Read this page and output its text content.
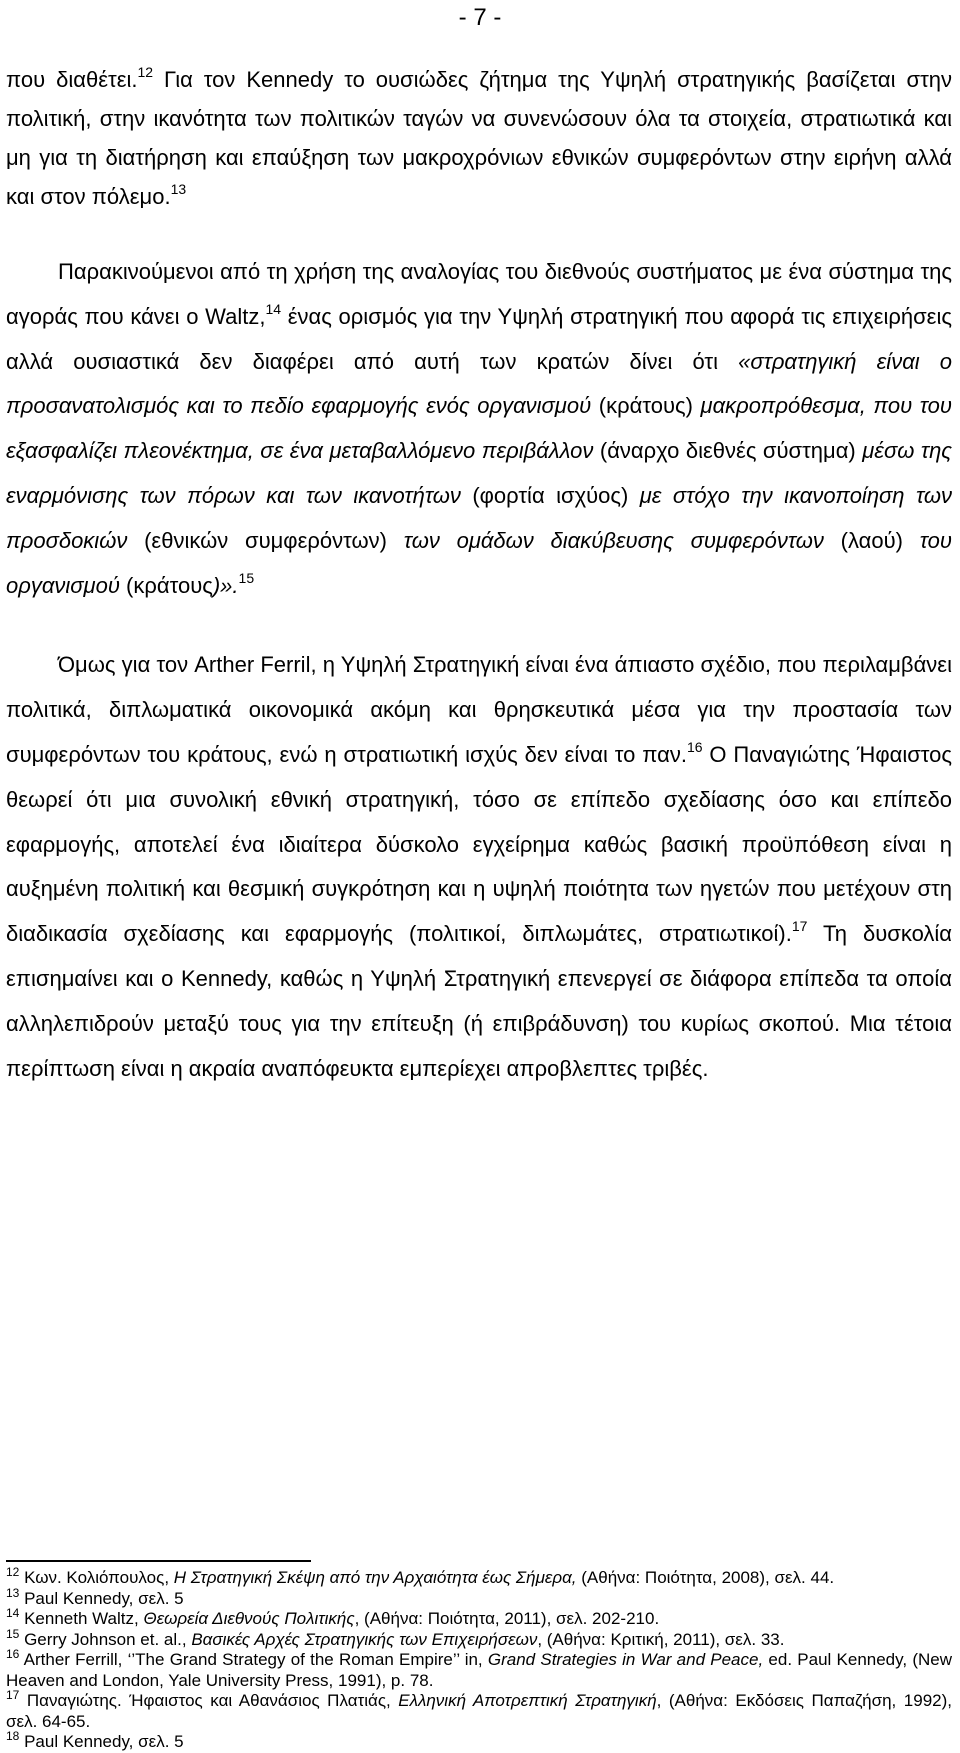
- 7 -

που διαθέτει.$^{12}$ Για τον Kennedy το ουσιώδες ζήτημα της Υψηλή στρατηγικής βασίζεται στην πολιτική, στην ικανότητα των πολιτικών ταγών να συνενώσουν όλα τα στοιχεία, στρατιωτικά και μη για τη διατήρηση και επαύξηση των μακροχρόνιων εθνικών συμφερόντων στην ειρήνη αλλά και στον πόλεμο.$^{13}$

Παρακινούμενοι από τη χρήση της αναλογίας του διεθνούς συστήματος με ένα σύστημα της αγοράς που κάνει ο Waltz,$^{14}$ ένας ορισμός για την Υψηλή στρατηγική που αφορά τις επιχειρήσεις αλλά ουσιαστικά δεν διαφέρει από αυτή των κρατών δίνει ότι «στρατηγική είναι ο προσανατολισμός και το πεδίο εφαρμογής ενός οργανισμού (κράτους) μακροπρόθεσμα, που του εξασφαλίζει πλεονέκτημα, σε ένα μεταβαλλόμενο περιβάλλον (άναρχο διεθνές σύστημα) μέσω της εναρμόνισης των πόρων και των ικανοτήτων (φορτία ισχύος) με στόχο την ικανοποίηση των προσδοκιών (εθνικών συμφερόντων) των ομάδων διακύβευσης συμφερόντων (λαού) του οργανισμού (κράτους)».$^{15}$

Όμως για τον Arther Ferril, η Υψηλή Στρατηγική είναι ένα άπιαστο σχέδιο, που περιλαμβάνει πολιτικά, διπλωματικά οικονομικά ακόμη και θρησκευτικά μέσα για την προστασία των συμφερόντων του κράτους, ενώ η στρατιωτική ισχύς δεν είναι το παν.$^{16}$ Ο Παναγιώτης Ήφαιστος θεωρεί ότι μια συνολική εθνική στρατηγική, τόσο σε επίπεδο σχεδίασης όσο και επίπεδο εφαρμογής, αποτελεί ένα ιδιαίτερα δύσκολο εγχείρημα καθώς βασική προϋπόθεση είναι η αυξημένη πολιτική και θεσμική συγκρότηση και η υψηλή ποιότητα των ηγετών που μετέχουν στη διαδικασία σχεδίασης και εφαρμογής (πολιτικοί, διπλωμάτες, στρατιωτικοί).$^{17}$ Τη δυσκολία επισημαίνει και ο Kennedy, καθώς η Υψηλή Στρατηγική επενεργεί σε διάφορα επίπεδα τα οποία αλληλεπιδρούν μεταξύ τους για την επίτευξη (ή επιβράδυνση) του κυρίως σκοπού. Μια τέτοια περίπτωση είναι η ακραία αναπόφευκτα εμπερίεχει απροβλεπτες τριβές.

$^{12}$ Κων. Κολιόπουλος, Η Στρατηγική Σκέψη από την Αρχαιότητα έως Σήμερα, (Αθήνα: Ποιότητα, 2008), σελ. 44.

$^{13}$ Paul Kennedy, σελ. 5

$^{14}$ Kenneth Waltz, Θεωρεία Διεθνούς Πολιτικής, (Αθήνα: Ποιότητα, 2011), σελ. 202-210.

$^{15}$ Gerry Johnson et. al., Βασικές Αρχές Στρατηγικής των Επιχειρήσεων, (Αθήνα: Κριτική, 2011), σελ. 33.

$^{16}$ Arther Ferrill, ‘’The Grand Strategy of the Roman Empire’’ in, Grand Strategies in War and Peace, ed. Paul Kennedy, (New Heaven and London, Yale University Press, 1991), p. 78.

$^{17}$ Παναγιώτης. Ήφαιστος και Αθανάσιος Πλατιάς, Ελληνική Αποτρεπτική Στρατηγική, (Αθήνα: Εκδόσεις Παπαζήση, 1992), σελ. 64-65.

$^{18}$ Paul Kennedy, σελ. 5
